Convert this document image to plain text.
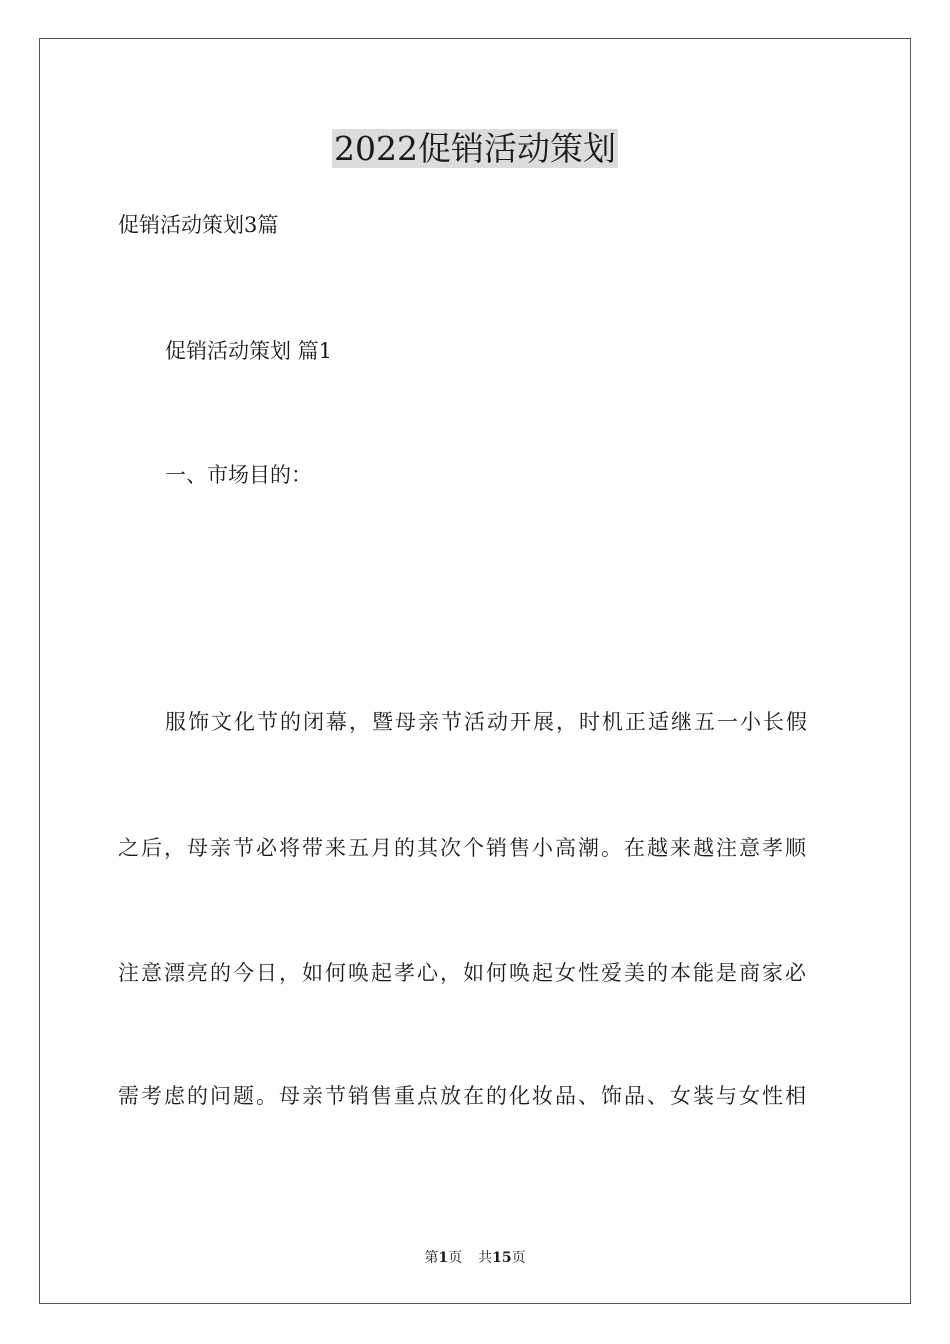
2022促销活动策划

促销活动策划3篇

促销活动策划 篇1

一、市场目的：

服饰文化节的闭幕，暨母亲节活动开展，时机正适继五一小长假

之后，母亲节必将带来五月的其次个销售小高潮。在越来越注意孝顺

注意漂亮的今日，如何唤起孝心，如何唤起女性爱美的本能是商家必

需考虑的问题。母亲节销售重点放在的化妆品、饰品、女装与女性相

第1页 共15页
